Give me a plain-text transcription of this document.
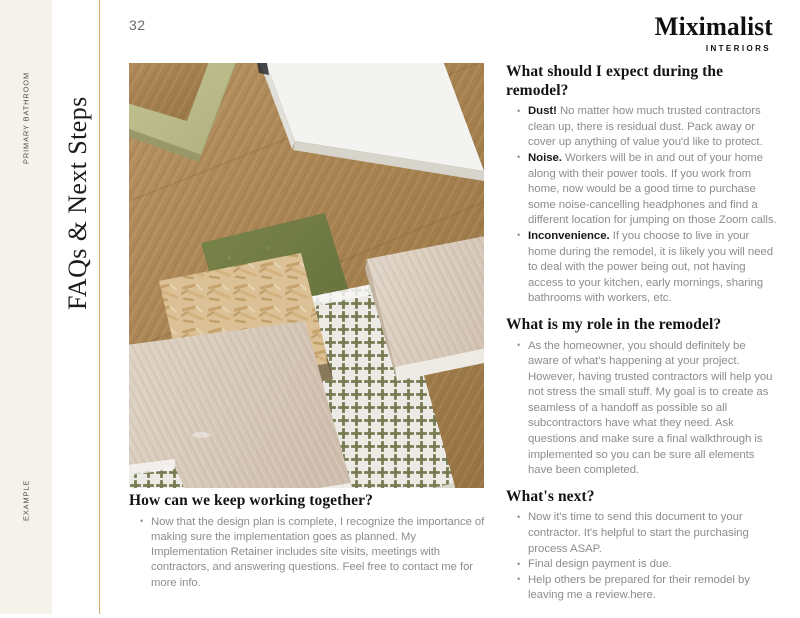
FAQs & Next Steps
32	Miximalist
INTERIORS
How can we keep working together?
• Now that the design plan is complete, I recognize the importance of making sure the implementation goes as planned. My Implementation Retainer includes site visits, meetings with contractors, and answering questions. Feel free to contact me for more info.
What should I expect during the remodel?
• Dust! No matter how much trusted contractors clean up, there is residual dust. Pack away or cover up anything of value you'd like to protect.
• Noise. Workers will be in and out of your home along with their power tools. If you work from home, now would be a good time to purchase some noise-cancelling headphones and find a different location for jumping on those Zoom calls.
• Inconvenience. If you choose to live in your home during the remodel, it is likely you will need to deal with the power being out, not having access to your kitchen, early mornings, sharing bathrooms with workers, etc.
What is my role in the remodel?
• As the homeowner, you should definitely be aware of what's happening at your project. However, having trusted contractors will help you not stress the small stuff. My goal is to create as seamless of a handoff as possible so all subcontractors have what they need. Ask questions and make sure a final walkthrough is implemented so you can be sure all elements have been completed.
What's next?
• Now it's time to send this document to your contractor. It's helpful to start the purchasing process ASAP.
• Final design payment is due.
• Help others be prepared for their remodel by leaving me a review.here.
